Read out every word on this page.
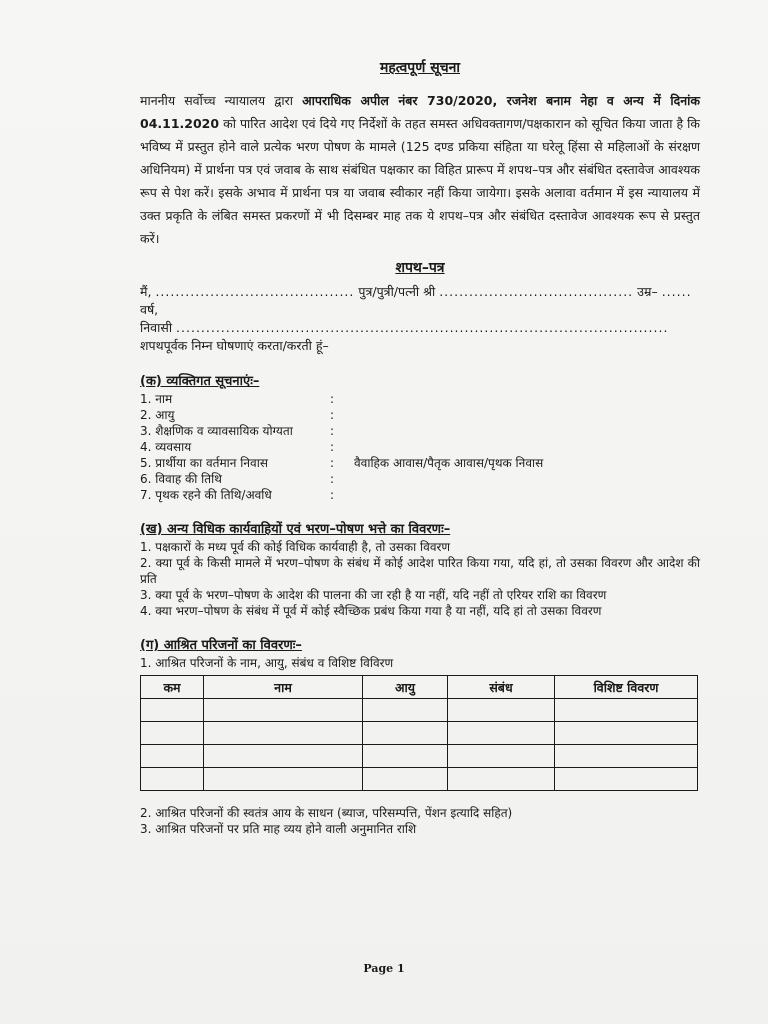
महत्वपूर्ण सूचना

माननीय सर्वोच्च न्यायालय द्वारा आपराधिक अपील नंबर 730/2020, रजनेश बनाम नेहा व अन्य में दिनांक 04.11.2020 को पारित आदेश एवं दिये गए निर्देशों के तहत समस्त अधिवक्तागण/पक्षकारान को सूचित किया जाता है कि भविष्य में प्रस्तुत होने वाले प्रत्येक भरण पोषण के मामले (125 दण्ड प्रकिया संहिता या घरेलू हिंसा से महिलाओं के संरक्षण अधिनियम) में प्रार्थना पत्र एवं जवाब के साथ संबंधित पक्षकार का विहित प्रारूप में शपथ–पत्र और संबंधित दस्तावेज आवश्यक रूप से पेश करें। इसके अभाव में प्रार्थना पत्र या जवाब स्वीकार नहीं किया जायेगा। इसके अलावा वर्तमान में इस न्यायालय में उक्त प्रकृति के लंबित समस्त प्रकरणों में भी दिसम्बर माह तक ये शपथ–पत्र और संबंधित दस्तावेज आवश्यक रूप से प्रस्तुत करें।

शपथ–पत्र
मैं, ........................................ पुत्र/पुत्री/पत्नी श्री ....................................... उम्र– ...... वर्ष,
निवासी ...................................................................................................
शपथपूर्वक निम्न घोषणाएं करता/करती हूं–
(क) व्यक्तिगत सूचनाएंः–
1. नाम	:
2. आयु	:
3. शैक्षणिक व व्यावसायिक योग्यता	:
4. व्यवसाय	:
5. प्रार्थीया का वर्तमान निवास	:	वैवाहिक आवास/पैतृक आवास/पृथक निवास
6. विवाह की तिथि	:
7. पृथक रहने की तिथि/अवधि	:
(ख) अन्य विधिक कार्यवाहियों एवं भरण–पोषण भत्ते का विवरणः–
1. पक्षकारों के मध्य पूर्व की कोई विधिक कार्यवाही है, तो उसका विवरण
2. क्या पूर्व के किसी मामले में भरण–पोषण के संबंध में कोई आदेश पारित किया गया, यदि हां, तो उसका विवरण और आदेश की प्रति
3. क्या पूर्व के भरण–पोषण के आदेश की पालना की जा रही है या नहीं, यदि नहीं तो एरियर राशि का विवरण
4. क्या भरण–पोषण के संबंध में पूर्व में कोई स्वैच्छिक प्रबंध किया गया है या नहीं, यदि हां तो उसका विवरण
(ग) आश्रित परिजनों का विवरणः–
1. आश्रित परिजनों के नाम, आयु, संबंध व विशिष्ट विविरण
कम	नाम	आयु	संबंध	विशिष्ट विवरण

2. आश्रित परिजनों की स्वतंत्र आय के साधन (ब्याज, परिसम्पत्ति, पेंशन इत्यादि सहित)
3. आश्रित परिजनों पर प्रति माह व्यय होने वाली अनुमानित राशि
Page 1
